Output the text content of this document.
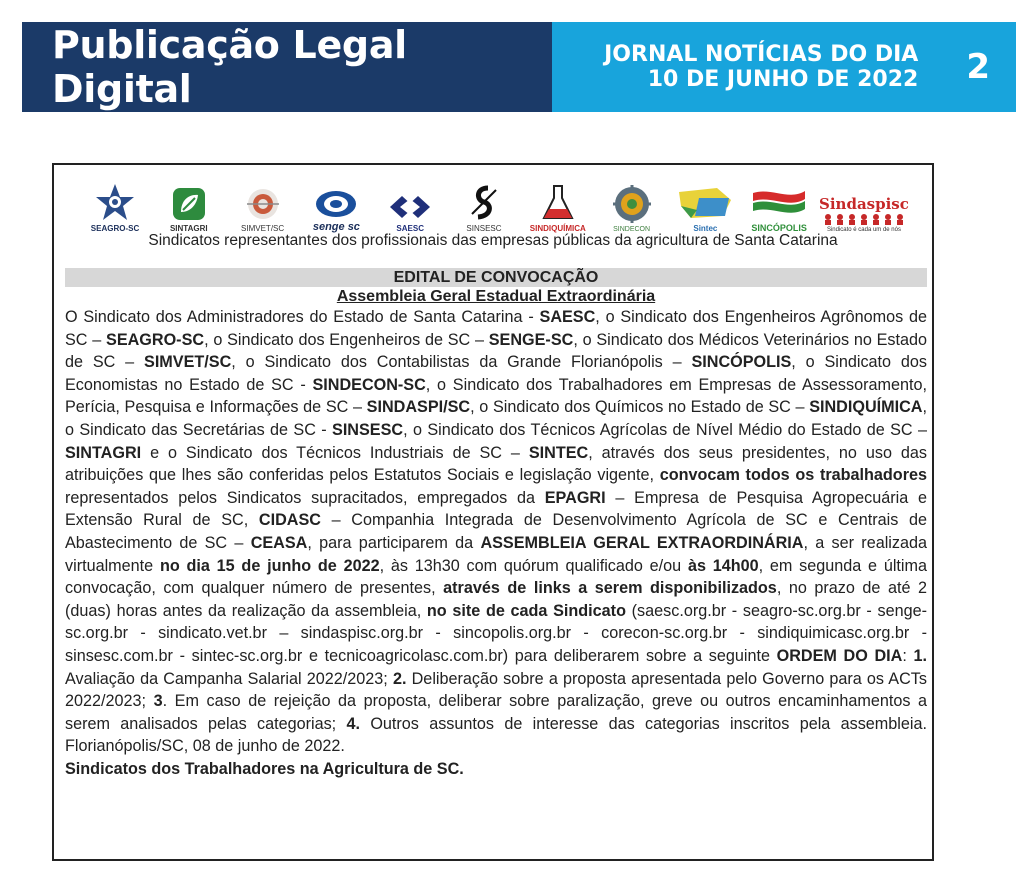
Publicação Legal Digital
JORNAL NOTÍCIAS DO DIA
10 DE JUNHO DE 2022 2
SEAGRO-SC	SINTAGRI	SIMVET/SC	senge sc	SAESC	SINSESC	SINDIQUÍMICA	SINDECON	Sintec	SINCÓPOLIS
Sindaspisc
Sindicato é cada um de nós
Sindicatos representantes dos profissionais das empresas públicas da agricultura de Santa Catarina
EDITAL DE CONVOCAÇÃO
Assembleia Geral Estadual Extraordinária

O Sindicato dos Administradores do Estado de Santa Catarina - SAESC, o Sindicato dos Engenheiros Agrônomos de SC – SEAGRO-SC, o Sindicato dos Engenheiros de SC – SENGE-SC, o Sindicato dos Médicos Veterinários no Estado de SC – SIMVET/SC, o Sindicato dos Contabilistas da Grande Florianópolis – SINCÓPOLIS, o Sindicato dos Economistas no Estado de SC - SINDECON-SC, o Sindicato dos Trabalhadores em Empresas de Assessoramento, Perícia, Pesquisa e Informações de SC – SINDASPI/SC, o Sindicato dos Químicos no Estado de SC – SINDIQUÍMICA, o Sindicato das Secretárias de SC - SINSESC, o Sindicato dos Técnicos Agrícolas de Nível Médio do Estado de SC – SINTAGRI e o Sindicato dos Técnicos Industriais de SC – SINTEC, através dos seus presidentes, no uso das atribuições que lhes são conferidas pelos Estatutos Sociais e legislação vigente, convocam todos os trabalhadores representados pelos Sindicatos supracitados, empregados da EPAGRI – Empresa de Pesquisa Agropecuária e Extensão Rural de SC, CIDASC – Companhia Integrada de Desenvolvimento Agrícola de SC e Centrais de Abastecimento de SC – CEASA, para participarem da ASSEMBLEIA GERAL EXTRAORDINÁRIA, a ser realizada virtualmente no dia 15 de junho de 2022, às 13h30 com quórum qualificado e/ou às 14h00, em segunda e última convocação, com qualquer número de presentes, através de links a serem disponibilizados, no prazo de até 2 (duas) horas antes da realização da assembleia, no site de cada Sindicato (saesc.org.br - seagro-sc.org.br - senge-sc.org.br - sindicato.vet.br – sindaspisc.org.br - sincopolis.org.br - corecon-sc.org.br - sindiquimicasc.org.br - sinsesc.com.br - sintec-sc.org.br e tecnicoagricolasc.com.br) para deliberarem sobre a seguinte ORDEM DO DIA: 1. Avaliação da Campanha Salarial 2022/2023; 2. Deliberação sobre a proposta apresentada pelo Governo para os ACTs 2022/2023; 3. Em caso de rejeição da proposta, deliberar sobre paralização, greve ou outros encaminhamentos a serem analisados pelas categorias; 4. Outros assuntos de interesse das categorias inscritos pela assembleia. Florianópolis/SC, 08 de junho de 2022.

Sindicatos dos Trabalhadores na Agricultura de SC.
